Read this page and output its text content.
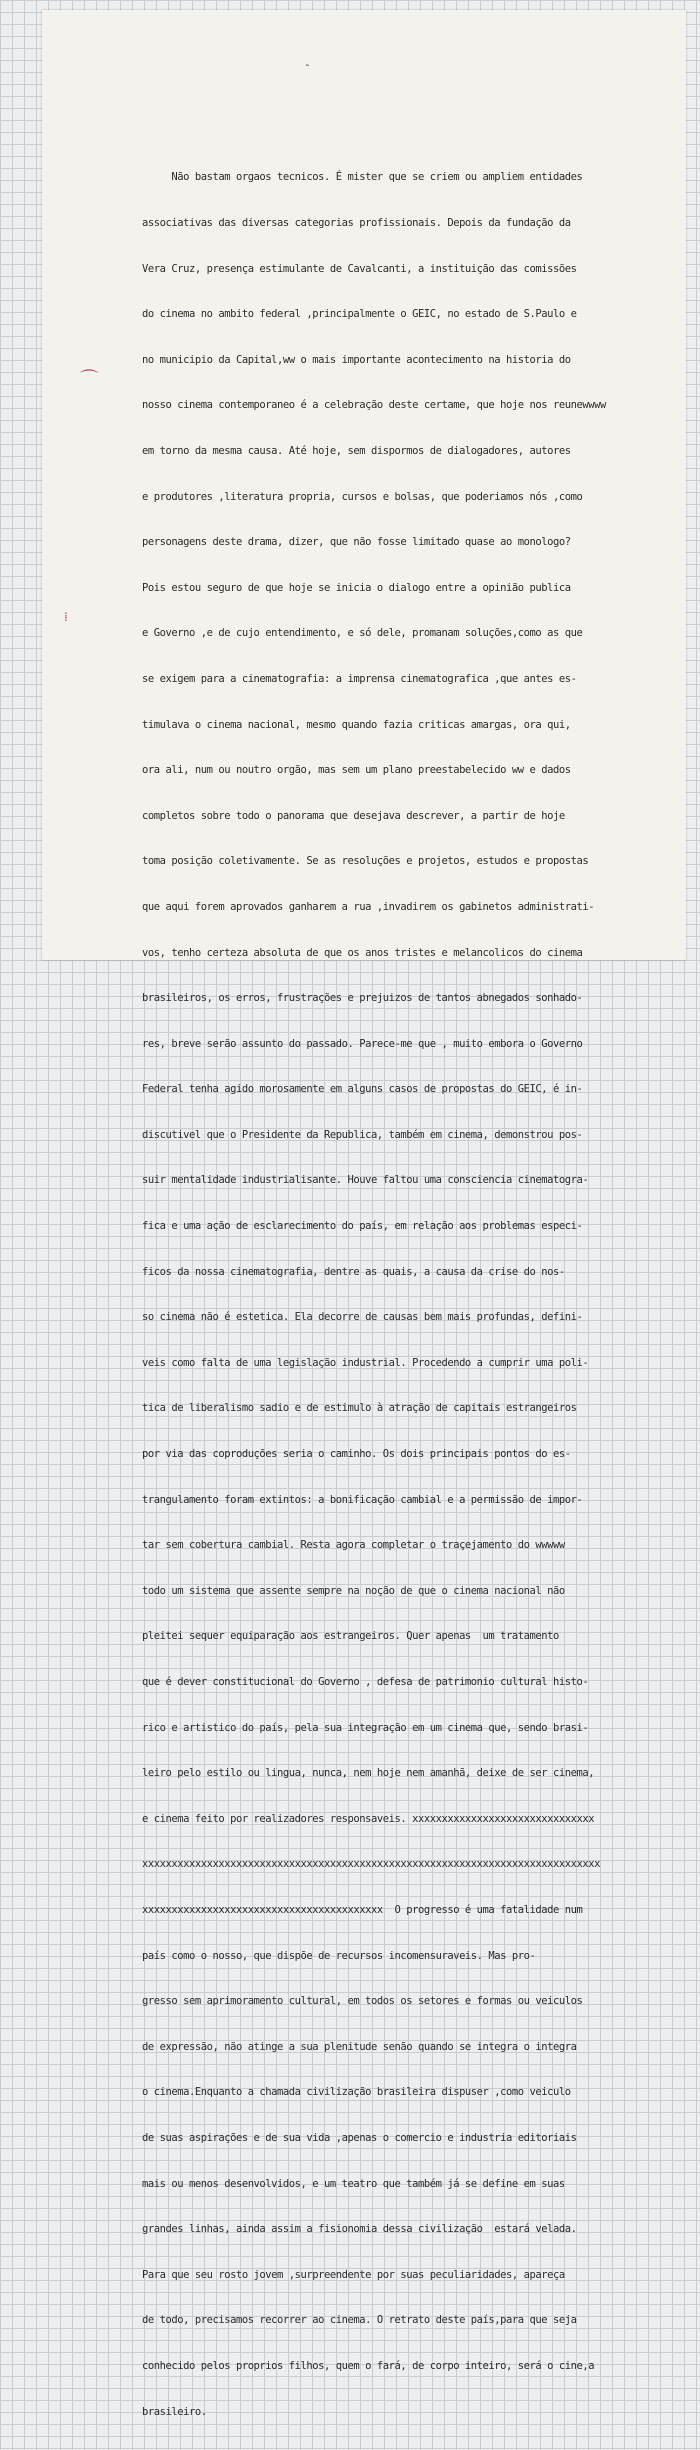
-
⌒
⁞

Não bastam orgaos tecnicos. É mister que se criem ou ampliem entidades

associativas das diversas categorias profissionais. Depois da fundação da

Vera Cruz, presença estimulante de Cavalcanti, a instituição das comissões

do cinema no ambito federal ,principalmente o GEIC, no estado de S.Paulo e

no municipio da Capital,ww o mais importante acontecimento na historia do

nosso cinema contemporaneo é a celebração deste certame, que hoje nos reunewwww

em torno da mesma causa. Até hoje, sem dispormos de dialogadores, autores

e produtores ,literatura propria, cursos e bolsas, que poderiamos nós ,como

personagens deste drama, dizer, que não fosse limitado quase ao monologo?

Pois estou seguro de que hoje se inicia o dialogo entre a opinião publica

e Governo ,e de cujo entendimento, e só dele, promanam soluções,como as que

se exigem para a cinematografia: a imprensa cinematografica ,que antes es-

timulava o cinema nacional, mesmo quando fazia criticas amargas, ora qui,

ora ali, num ou noutro orgão, mas sem um plano preestabelecido ww e dados

completos sobre todo o panorama que desejava descrever, a partir de hoje

toma posição coletivamente. Se as resoluções e projetos, estudos e propostas

que aqui forem aprovados ganharem a rua ,invadirem os gabinetos administrati-

vos, tenho certeza absoluta de que os anos tristes e melancolicos do cinema

brasileiros, os erros, frustrações e prejuizos de tantos abnegados sonhado-

res, breve serão assunto do passado. Parece-me que , muito embora o Governo

Federal tenha agido morosamente em alguns casos de propostas do GEIC, é in-

discutivel que o Presidente da Republica, também em cinema, demonstrou pos-

suir mentalidade industrialisante. Houve faltou uma consciencia cinematogra-

fica e uma ação de esclarecimento do país, em relação aos problemas especi-

ficos da nossa cinematografia, dentre as quais, a causa da crise do nos-

so cinema não é estetica. Ela decorre de causas bem mais profundas, defini-

veis como falta de uma legislação industrial. Procedendo a cumprir uma poli-

tica de liberalismo sadio e de estimulo à atração de capitais estrangeiros

por via das coproduções seria o caminho. Os dois principais pontos do es-

trangulamento foram extintos: a bonificação cambial e a permissão de impor-

tar sem cobertura cambial. Resta agora completar o traçejamento do wwwww

todo um sistema que assente sempre na noção de que o cinema nacional não

pleitei sequer equiparação aos estrangeiros. Quer apenas  um tratamento

que é dever constitucional do Governo , defesa de patrimonio cultural histo-

rico e artistico do país, pela sua integração em um cinema que, sendo brasi-

leiro pelo estilo ou lingua, nunca, nem hoje nem amanhã, deixe de ser cinema,

e cinema feito por realizadores responsaveis. xxxxxxxxxxxxxxxxxxxxxxxxxxxxxxx

xxxxxxxxxxxxxxxxxxxxxxxxxxxxxxxxxxxxxxxxxxxxxxxxxxxxxxxxxxxxxxxxxxxxxxxxxxxxxx

xxxxxxxxxxxxxxxxxxxxxxxxxxxxxxxxxxxxxxxxx  O progresso é uma fatalidade num

país como o nosso, que dispõe de recursos incomensuraveis. Mas pro-

gresso sem aprimoramento cultural, em todos os setores e formas ou veiculos

de expressão, não atinge a sua plenitude senão quando se integra o integra

o cinema.Enquanto a chamada civilização brasileira dispuser ,como veiculo

de suas aspirações e de sua vida ,apenas o comercio e industria editoriais

mais ou menos desenvolvidos, e um teatro que também já se define em suas

grandes linhas, ainda assim a fisionomia dessa civilização  estará velada.

Para que seu rosto jovem ,surpreendente por suas peculiaridades, apareça

de todo, precisamos recorrer ao cinema. O retrato deste país,para que seja

conhecido pelos proprios filhos, quem o fará, de corpo inteiro, será o cine,a

brasileiro.
